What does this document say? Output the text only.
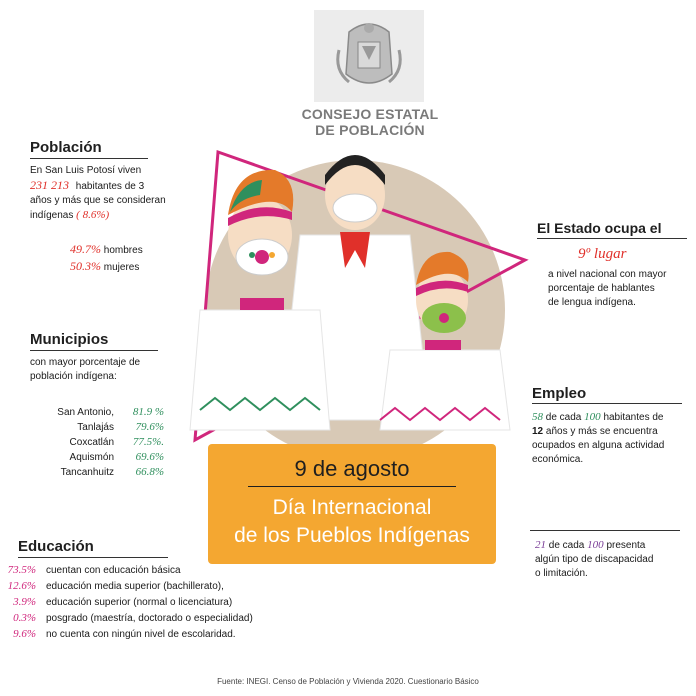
CONSEJO ESTATAL
DE POBLACIÓN
Población
En San Luis Potosí viven
231 213 habitantes de 3
años y más que se consideran
indígenas ( 8.6%)
49.7% hombres
50.3% mujeres
Municipios
con mayor porcentaje de
población indígena:
San Antonio, 81.9 %
Tanlajás 79.6%
Coxcatlán 77.5%.
Aquismón 69.6%
Tancanhuitz 66.8%
Educación
73.5% cuentan con educación básica
12.6% educación media superior (bachillerato),
3.9% educación superior (normal o licenciatura)
0.3% posgrado (maestría, doctorado o especialidad)
9.6% no cuenta con ningún nivel de escolaridad.
9 de agosto
Día Internacional
de los Pueblos Indígenas
El Estado ocupa el
9º lugar
a nivel nacional con mayor
porcentaje de hablantes
de lengua indígena.
Empleo
58 de cada 100 habitantes de
12 años y más se encuentra
ocupados en alguna actividad
económica.
21 de cada 100 presenta
algún tipo de discapacidad
o limitación.
Fuente: INEGI. Censo de Población y Vivienda 2020. Cuestionario Básico
